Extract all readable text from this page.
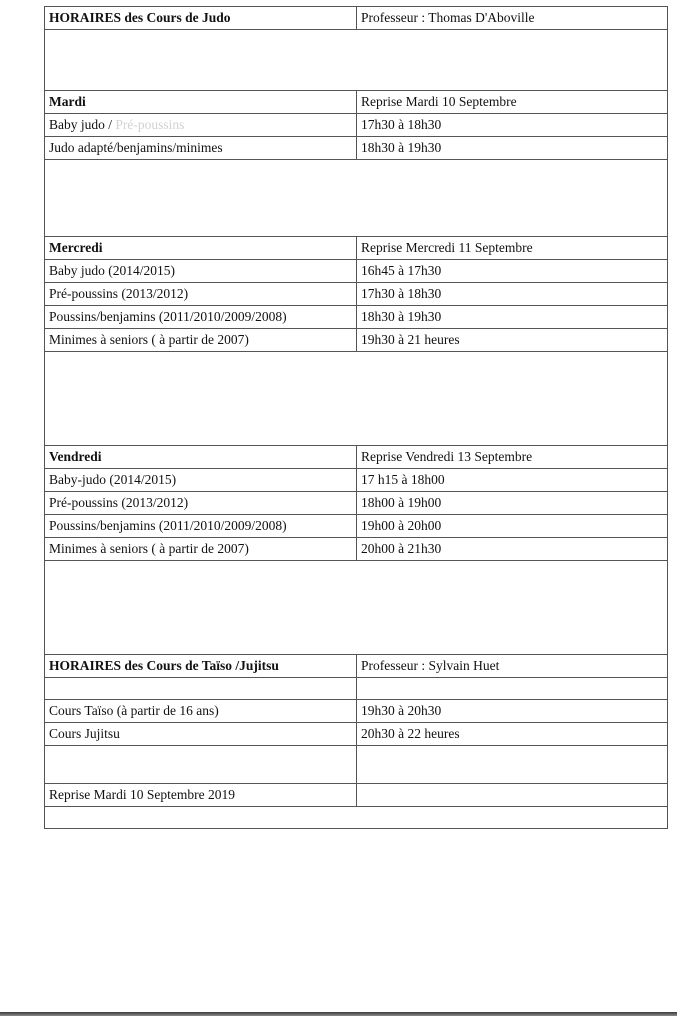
HORAIRES des Cours de Judo	Professeur : Thomas D'Aboville

Mardi	Reprise Mardi 10 Septembre
Baby judo / Pré-poussins	17h30 à 18h30
Judo adapté/benjamins/minimes	18h30 à 19h30

Mercredi	Reprise Mercredi 11 Septembre
Baby judo (2014/2015)	16h45 à 17h30
Pré-poussins (2013/2012)	17h30 à 18h30
Poussins/benjamins (2011/2010/2009/2008)	18h30 à 19h30
Minimes à seniors ( à partir de 2007)	19h30 à 21 heures

Vendredi	Reprise Vendredi 13 Septembre
Baby-judo (2014/2015)	17 h15 à 18h00
Pré-poussins (2013/2012)	18h00 à 19h00
Poussins/benjamins (2011/2010/2009/2008)	19h00 à 20h00
Minimes à seniors ( à partir de 2007)	20h00 à 21h30

HORAIRES des Cours de Taïso /Jujitsu	Professeur : Sylvain Huet

Cours Taïso (à partir de 16 ans)	19h30 à 20h30
Cours Jujitsu	20h30 à 22 heures

Reprise Mardi 10 Septembre 2019	
